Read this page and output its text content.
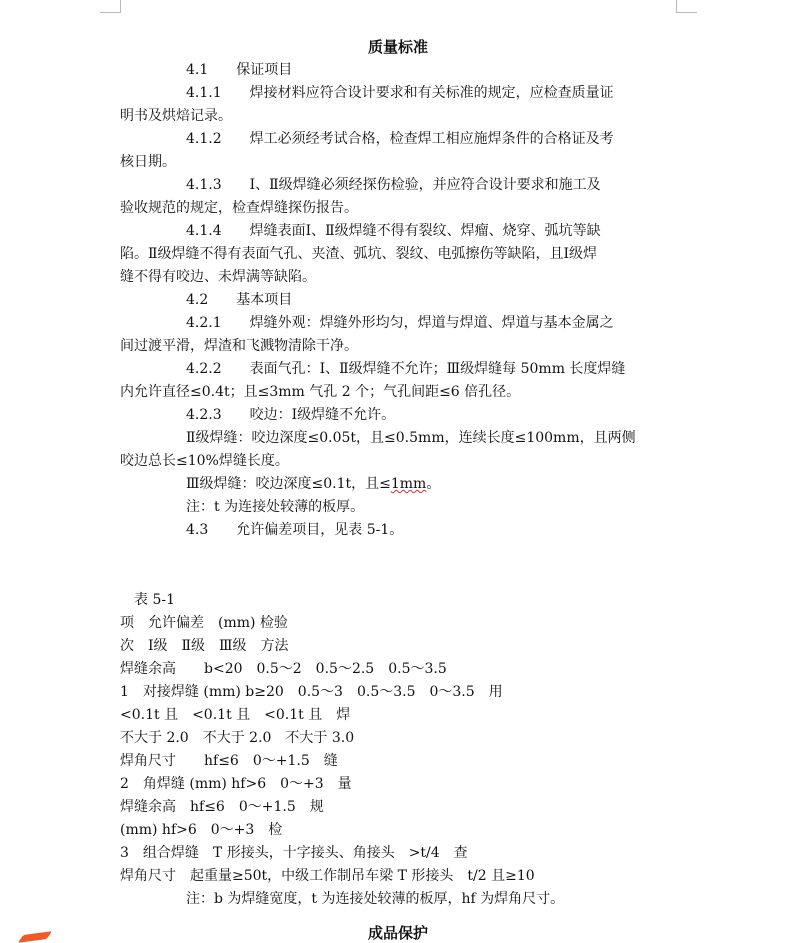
质量标准
4.1　　保证项目
4.1.1　　焊接材料应符合设计要求和有关标准的规定，应检查质量证
明书及烘焙记录。
4.1.2　　焊工必须经考试合格，检查焊工相应施焊条件的合格证及考
核日期。
4.1.3　　Ⅰ、Ⅱ级焊缝必须经探伤检验，并应符合设计要求和施工及
验收规范的规定，检查焊缝探伤报告。
4.1.4　　焊缝表面Ⅰ、Ⅱ级焊缝不得有裂纹、焊瘤、烧穿、弧坑等缺
陷。Ⅱ级焊缝不得有表面气孔、夹渣、弧坑、裂纹、电弧擦伤等缺陷，且Ⅰ级焊
缝不得有咬边、未焊满等缺陷。
4.2　　基本项目
4.2.1　　焊缝外观：焊缝外形均匀，焊道与焊道、焊道与基本金属之
间过渡平滑，焊渣和飞溅物清除干净。
4.2.2　　表面气孔：Ⅰ、Ⅱ级焊缝不允许；Ⅲ级焊缝每 50mm 长度焊缝
内允许直径≤0.4t；且≤3mm 气孔 2 个；气孔间距≤6 倍孔径。
4.2.3　　咬边：Ⅰ级焊缝不允许。
Ⅱ级焊缝：咬边深度≤0.05t，且≤0.5mm，连续长度≤100mm，且两侧
咬边总长≤10%焊缝长度。
Ⅲ级焊缝：咬边深度≤0.1t，且≤1mm。
注：t 为连接处较薄的板厚。
4.3　　允许偏差项目，见表 5-1。
表 5-1
项　允许偏差　(mm) 检验
次　Ⅰ级　Ⅱ级　Ⅲ级　方法
焊缝余高　　b<20　0.5～2　0.5～2.5　0.5～3.5
1　对接焊缝 (mm) b≥20　0.5～3　0.5～3.5　0～3.5　用
<0.1t 且　<0.1t 且　<0.1t 且　焊
不大于 2.0　不大于 2.0　不大于 3.0
焊角尺寸　　hf≤6　0～+1.5　缝
2　角焊缝 (mm) hf>6　0～+3　量
焊缝余高　hf≤6　0～+1.5　规
(mm) hf>6　0～+3　检
3　组合焊缝　T 形接头，十字接头、角接头　>t/4　查
焊角尺寸　起重量≥50t，中级工作制吊车梁 T 形接头　t/2 且≥10
注：b 为焊缝宽度，t 为连接处较薄的板厚，hf 为焊角尺寸。
成品保护
